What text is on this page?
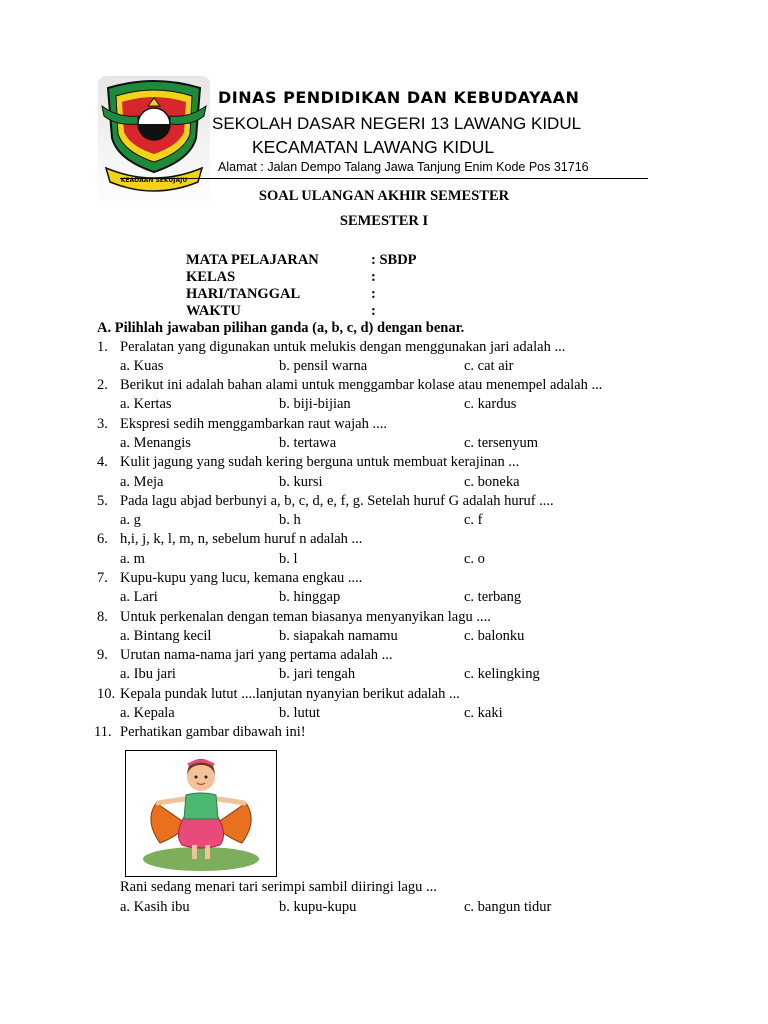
KEADAAN SEKUJAJU
DINAS PENDIDIKAN DAN KEBUDAYAAN
SEKOLAH DASAR NEGERI 13 LAWANG KIDUL
KECAMATAN LAWANG KIDUL
Alamat : Jalan Dempo Talang Jawa Tanjung Enim Kode Pos 31716
SOAL ULANGAN AKHIR SEMESTER
SEMESTER I
MATA PELAJARAN	: SBDP
KELAS	:
HARI/TANGGAL	:
WAKTU	:
A. Pilihlah jawaban pilihan ganda (a, b, c, d) dengan benar.
1. Peralatan yang digunakan untuk melukis dengan menggunakan jari adalah ...
a. Kuas	b. pensil warna	c. cat air
2. Berikut ini adalah bahan alami untuk menggambar kolase atau menempel adalah ...
a. Kertas	b. biji-bijian	c. kardus
3. Ekspresi sedih menggambarkan raut wajah ....
a. Menangis	b. tertawa	c. tersenyum
4. Kulit jagung yang sudah kering berguna untuk membuat kerajinan ...
a. Meja	b. kursi	c. boneka
5. Pada lagu abjad berbunyi a, b, c, d, e, f, g. Setelah huruf G adalah huruf ....
a. g	b. h	c. f
6. h,i, j, k, l, m, n, sebelum huruf n adalah ...
a. m	b. l	c. o
7. Kupu-kupu yang lucu, kemana engkau ....
a. Lari	b. hinggap	c. terbang
8. Untuk perkenalan dengan teman biasanya menyanyikan lagu ....
a. Bintang kecil	b. siapakah namamu	c. balonku
9. Urutan nama-nama jari yang pertama adalah ...
a. Ibu jari	b. jari tengah	c. kelingking
10. Kepala pundak lutut ....lanjutan nyanyian berikut adalah ...
a. Kepala	b. lutut	c. kaki
11. Perhatikan gambar dibawah ini!
Rani sedang menari tari serimpi sambil diiringi lagu ...
a. Kasih ibu	b. kupu-kupu	c. bangun tidur
